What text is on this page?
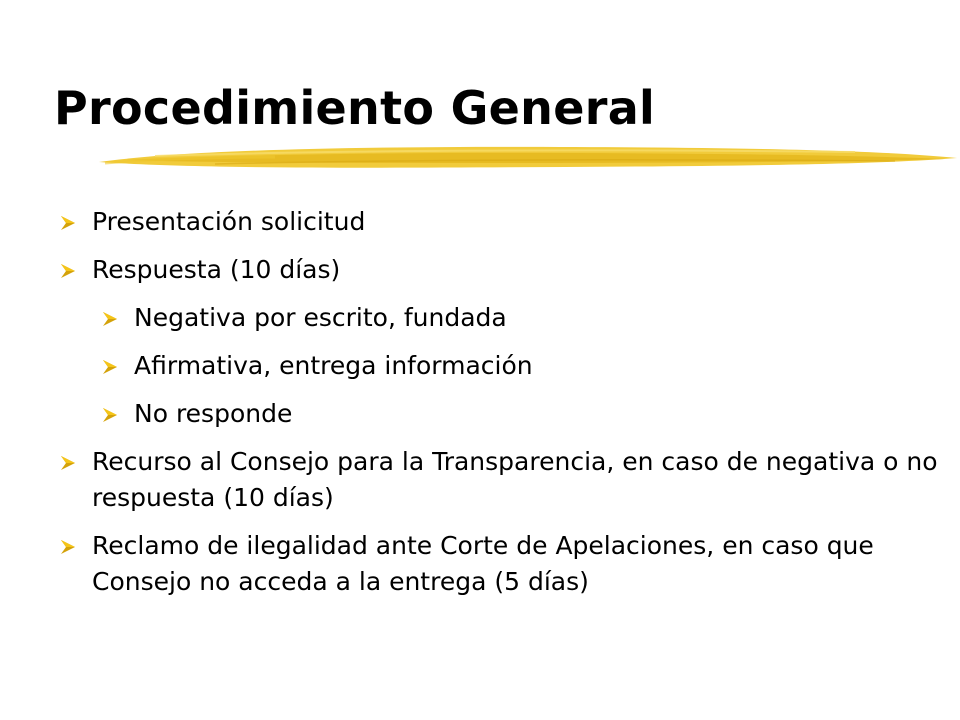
Procedimiento General
Presentación solicitud
Respuesta (10 días)
Negativa por escrito, fundada
Afirmativa, entrega información
No responde
Recurso al Consejo para la Transparencia, en caso de negativa o no respuesta (10 días)
Reclamo de ilegalidad ante Corte de Apelaciones, en caso que Consejo no acceda a la entrega (5 días)
